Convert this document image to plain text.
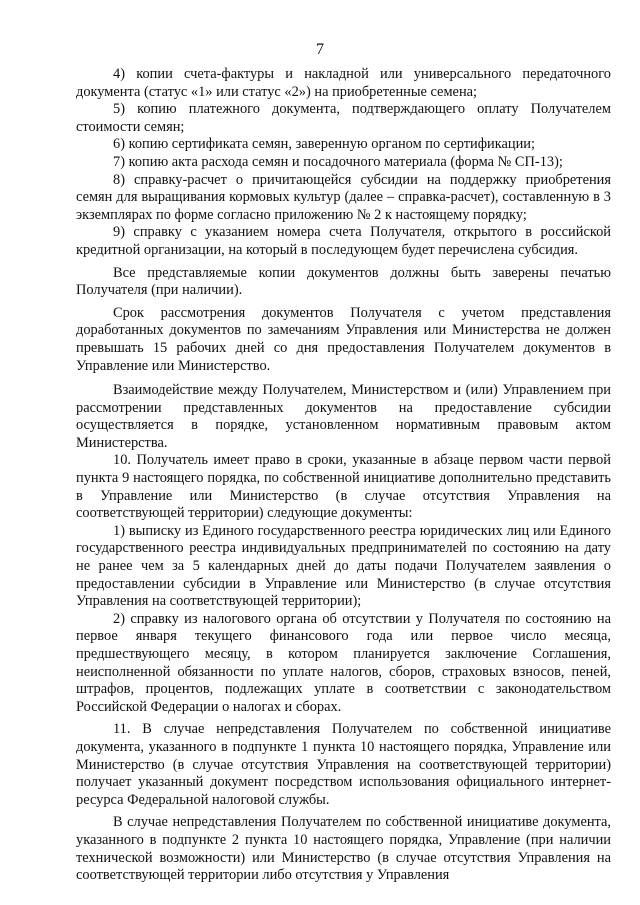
7

4) копии счета-фактуры и накладной или универсального передаточного документа (статус «1» или статус «2») на приобретенные семена;

5) копию платежного документа, подтверждающего оплату Получателем стоимости семян;

6) копию сертификата семян, заверенную органом по сертификации;

7) копию акта расхода семян и посадочного материала (форма № СП-13);

8) справку-расчет о причитающейся субсидии на поддержку приобретения семян для выращивания кормовых культур (далее – справка-расчет), составленную в 3 экземплярах по форме согласно приложению № 2 к настоящему порядку;

9) справку с указанием номера счета Получателя, открытого в российской кредитной организации, на который в последующем будет перечислена субсидия.

Все представляемые копии документов должны быть заверены печатью Получателя (при наличии).

Срок рассмотрения документов Получателя с учетом представления доработанных документов по замечаниям Управления или Министерства не должен превышать 15 рабочих дней со дня предоставления Получателем документов в Управление или Министерство.

Взаимодействие между Получателем, Министерством и (или) Управлением при рассмотрении представленных документов на предоставление субсидии осуществляется в порядке, установленном нормативным правовым актом Министерства.

10. Получатель имеет право в сроки, указанные в абзаце первом части первой пункта 9 настоящего порядка, по собственной инициативе дополнительно представить в Управление или Министерство (в случае отсутствия Управления на соответствующей территории) следующие документы:

1) выписку из Единого государственного реестра юридических лиц или Единого государственного реестра индивидуальных предпринимателей по состоянию на дату не ранее чем за 5 календарных дней до даты подачи Получателем заявления о предоставлении субсидии в Управление или Министерство (в случае отсутствия Управления на соответствующей территории);

2) справку из налогового органа об отсутствии у Получателя по состоянию на первое января текущего финансового года или первое число месяца, предшествующего месяцу, в котором планируется заключение Соглашения, неисполненной обязанности по уплате налогов, сборов, страховых взносов, пеней, штрафов, процентов, подлежащих уплате в соответствии с законодательством Российской Федерации о налогах и сборах.

11. В случае непредставления Получателем по собственной инициативе документа, указанного в подпункте 1 пункта 10 настоящего порядка, Управление или Министерство (в случае отсутствия Управления на соответствующей территории) получает указанный документ посредством использования официального интернет-ресурса Федеральной налоговой службы.

В случае непредставления Получателем по собственной инициативе документа, указанного в подпункте 2 пункта 10 настоящего порядка, Управление (при наличии технической возможности) или Министерство (в случае отсутствия Управления на соответствующей территории либо отсутствия у Управления
